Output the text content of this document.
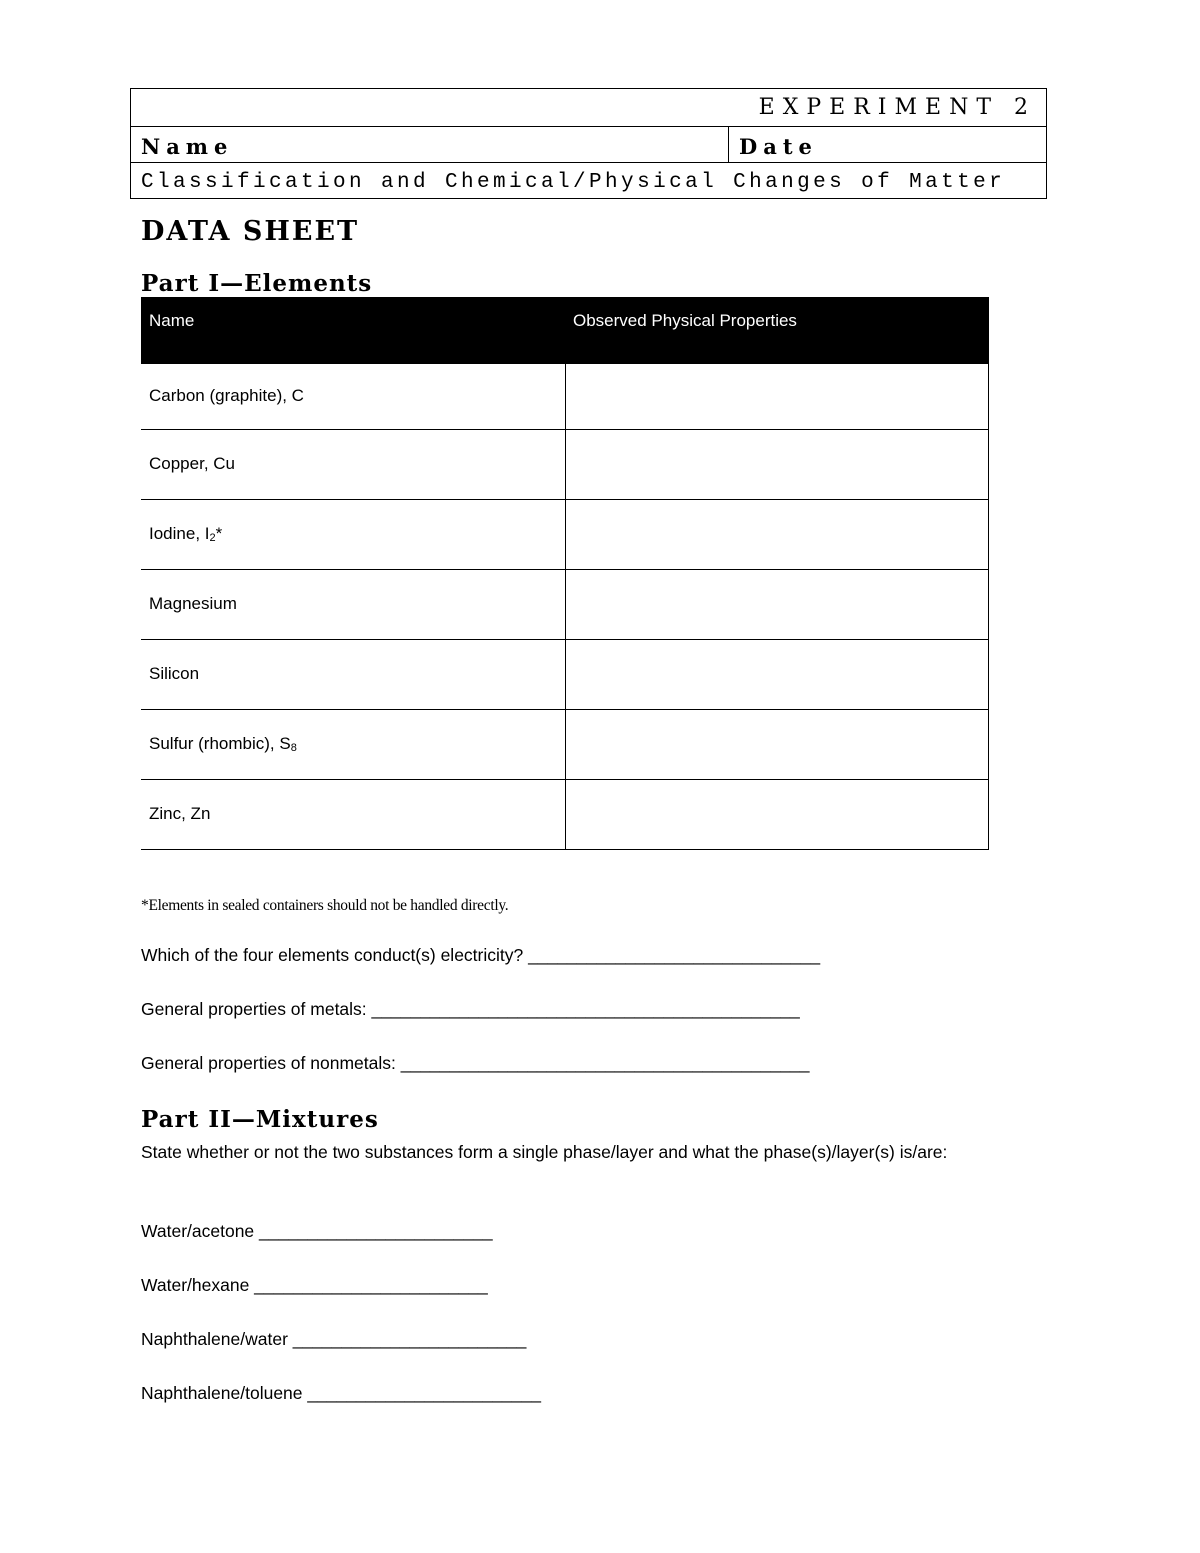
EXPERIMENT 2
Name	Date
Classification and Chemical/Physical Changes of Matter
DATA SHEET
Part I—Elements
Name	Observed Physical Properties
Carbon (graphite), C	
Copper, Cu	
Iodine, $I_2*$	
Magnesium	
Silicon	
Sulfur (rhombic), $S_8$	
Zinc, Zn	
*Elements in sealed containers should not be handled directly.
Which of the four elements conduct(s) electricity? ______________________________
General properties of metals: ____________________________________________
General properties of nonmetals: __________________________________________
Part II—Mixtures
State whether or not the two substances form a single phase/layer and what the phase(s)/layer(s) is/are:
Water/acetone ________________________
Water/hexane ________________________
Naphthalene/water ________________________
Naphthalene/toluene ________________________
